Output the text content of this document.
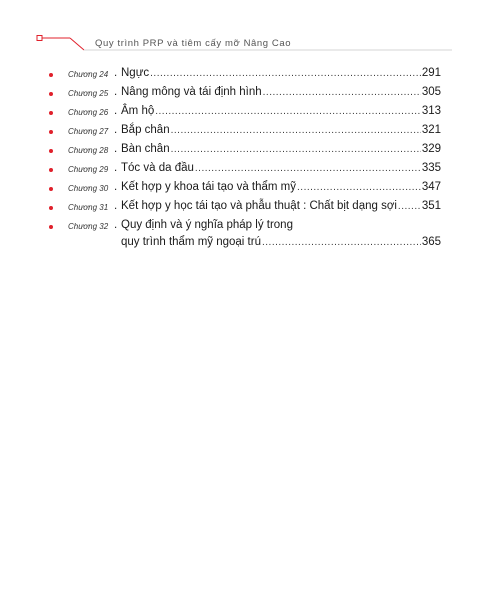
Quy trình PRP và tiêm cấy mỡ Nâng Cao
Chương 24 . Ngực .....	291
Chương 25 . Nâng mông và tái định hình .....	305
Chương 26 . Âm hộ .....	313
Chương 27 . Bắp chân .....	321
Chương 28 . Bàn chân .....	329
Chương 29 . Tóc và da đầu .....	335
Chương 30 . Kết hợp y khoa tái tạo và thẩm mỹ .....	347
Chương 31 . Kết hợp y học tái tạo và phẫu thuật : Chất bịt dạng sợi ..... 351
Chương 32 . Quy định và ý nghĩa pháp lý trong
quy trình thẩm mỹ ngoại trú .....	365
